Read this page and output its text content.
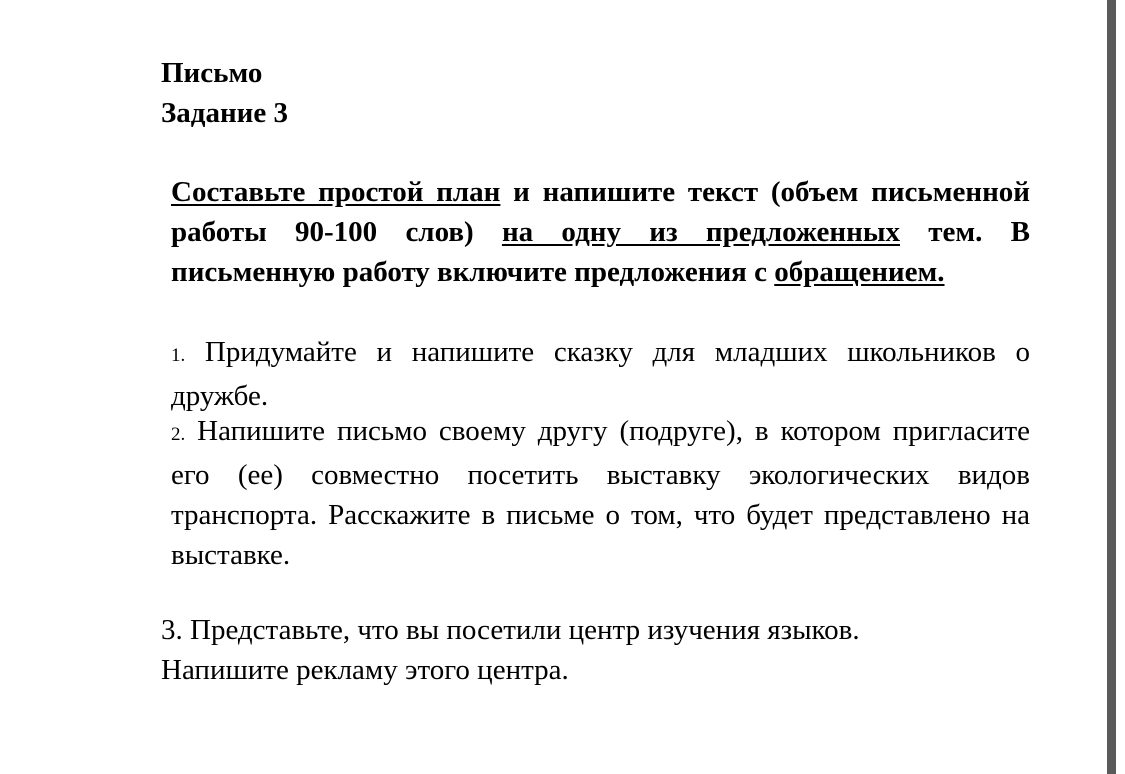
Письмо
Задание 3
Составьте простой план и напишите текст (объем письменной работы 90-100 слов) на одну из предложенных тем. В письменную работу включите предложения с обращением.
1. Придумайте и напишите сказку для младших школьников о дружбе.
2. Напишите письмо своему другу (подруге), в котором пригласите его (ее) совместно посетить выставку экологических видов транспорта. Расскажите в письме о том, что будет представлено на выставке.
3. Представьте, что вы посетили центр изучения языков. Напишите рекламу этого центра.
